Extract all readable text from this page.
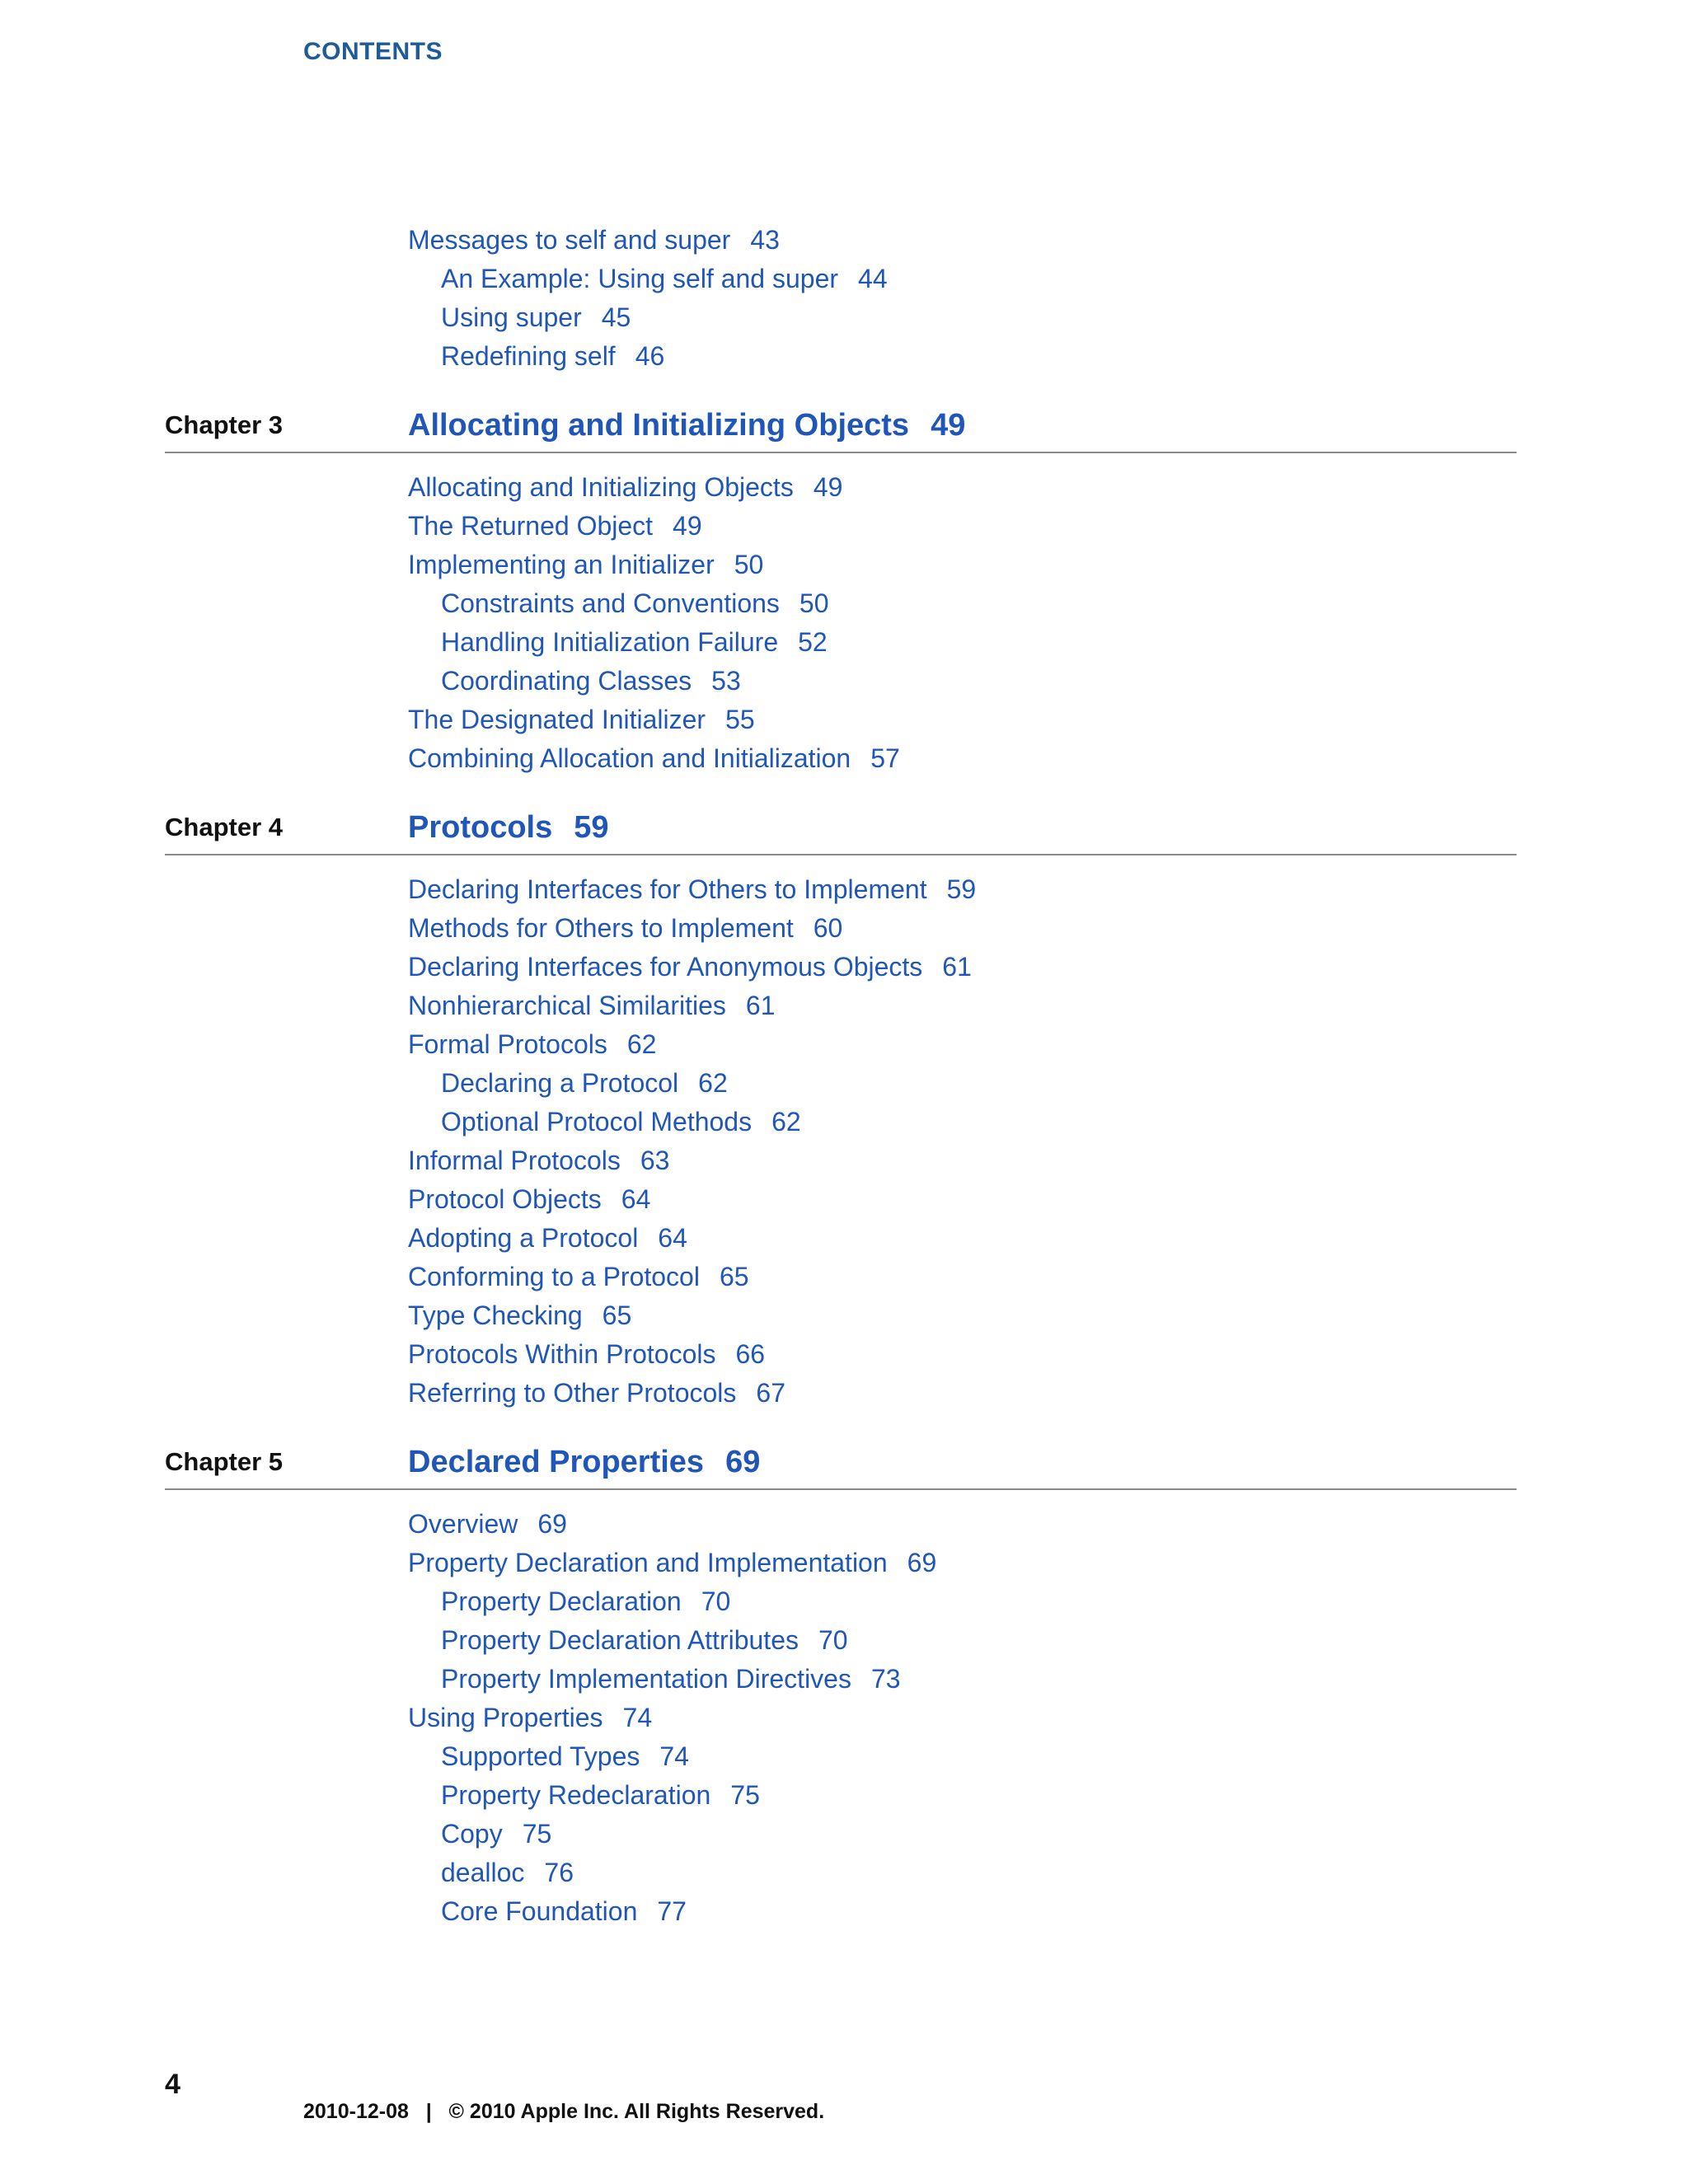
CONTENTS
Messages to self and super 43
An Example: Using self and super 44
Using super 45
Redefining self 46
Chapter 3	Allocating and Initializing Objects 49
Allocating and Initializing Objects 49
The Returned Object 49
Implementing an Initializer 50
Constraints and Conventions 50
Handling Initialization Failure 52
Coordinating Classes 53
The Designated Initializer 55
Combining Allocation and Initialization 57
Chapter 4	Protocols 59
Declaring Interfaces for Others to Implement 59
Methods for Others to Implement 60
Declaring Interfaces for Anonymous Objects 61
Nonhierarchical Similarities 61
Formal Protocols 62
Declaring a Protocol 62
Optional Protocol Methods 62
Informal Protocols 63
Protocol Objects 64
Adopting a Protocol 64
Conforming to a Protocol 65
Type Checking 65
Protocols Within Protocols 66
Referring to Other Protocols 67
Chapter 5	Declared Properties 69
Overview 69
Property Declaration and Implementation 69
Property Declaration 70
Property Declaration Attributes 70
Property Implementation Directives 73
Using Properties 74
Supported Types 74
Property Redeclaration 75
Copy 75
dealloc 76
Core Foundation 77
4
2010-12-08   |   © 2010 Apple Inc. All Rights Reserved.
